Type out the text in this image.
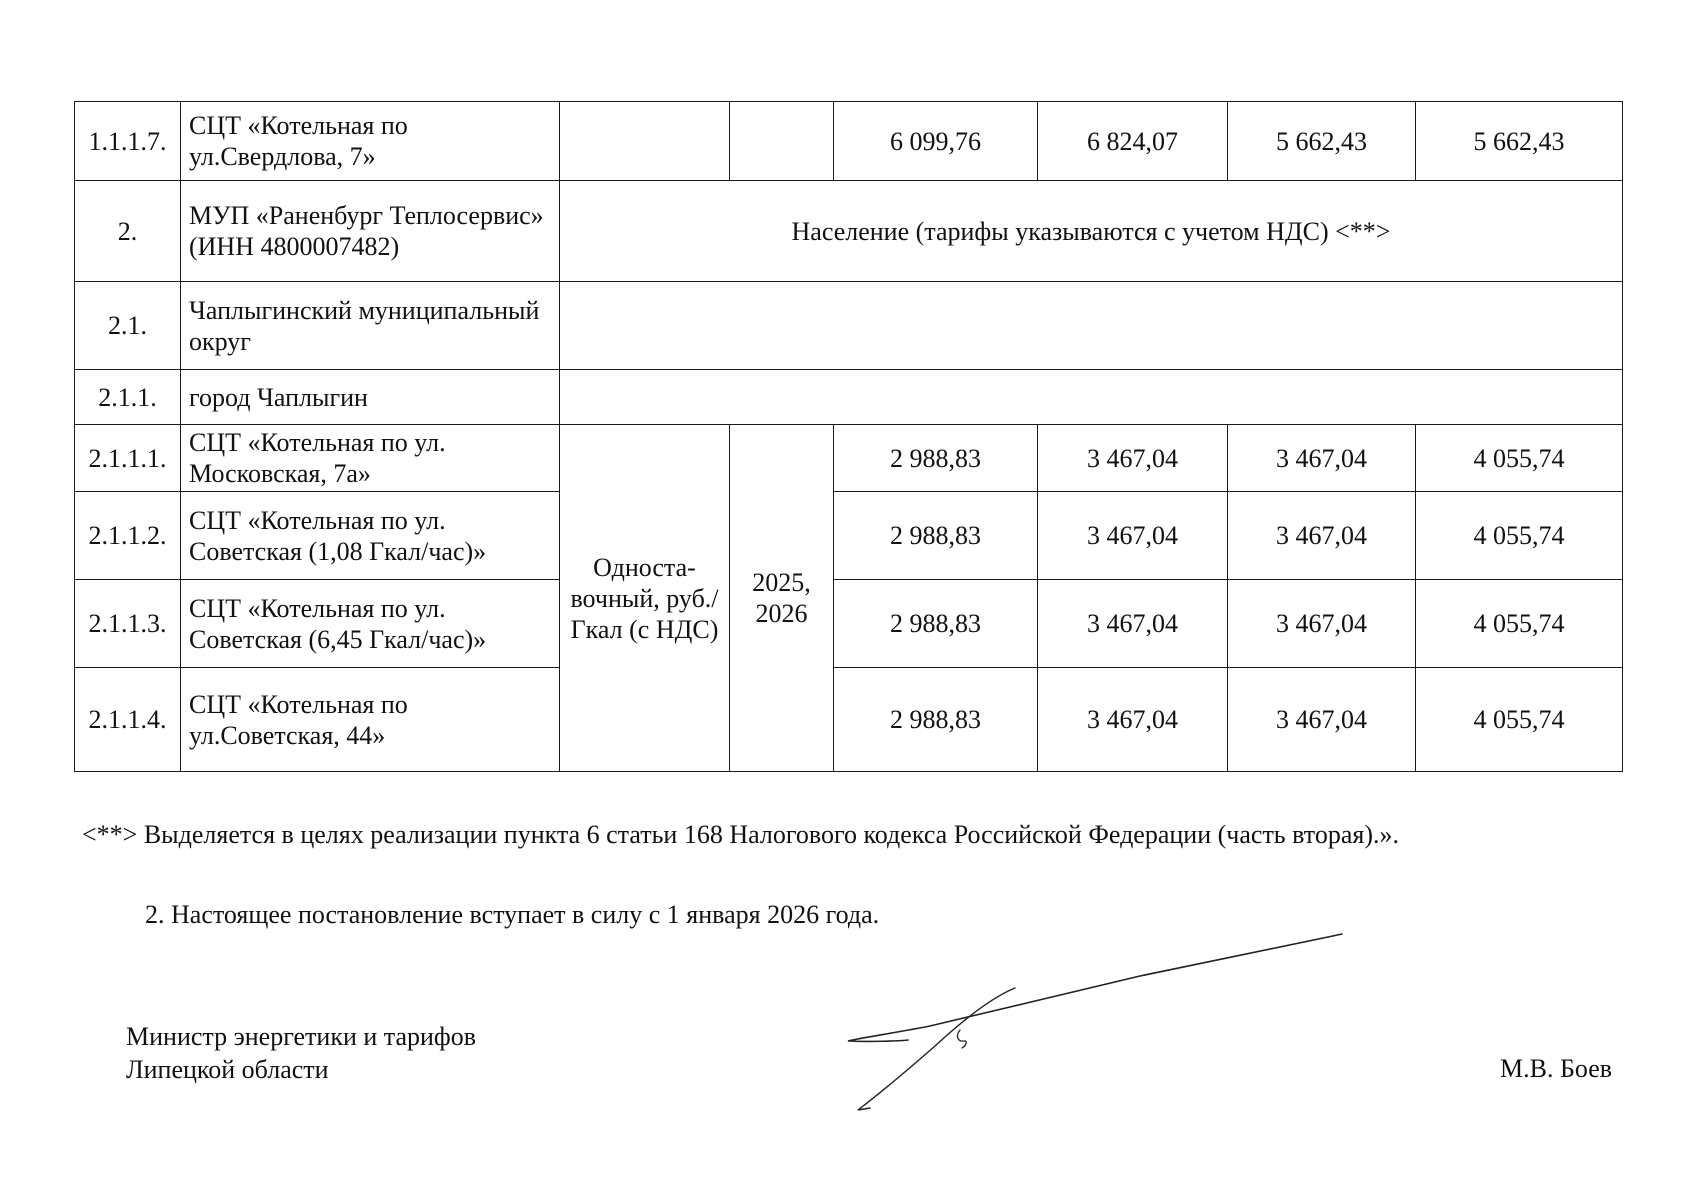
1.1.1.7.	СЦТ «Котельная по ул.Свердлова, 7»			6 099,76	6 824,07	5 662,43	5 662,43
2.	МУП «Раненбург Теплосервис» (ИНН 4800007482)	Население (тарифы указываются с учетом НДС) <**>					
2.1.	Чаплыгинский муниципальный округ						
2.1.1.	город Чаплыгин						
2.1.1.1.	СЦТ «Котельная по ул. Московская, 7а»	Односта-вочный, руб./Гкал (с НДС)	2025, 2026	2 988,83	3 467,04	3 467,04	4 055,74
2.1.1.2.	СЦТ «Котельная по ул. Советская (1,08 Гкал/час)»			2 988,83	3 467,04	3 467,04	4 055,74
2.1.1.3.	СЦТ «Котельная по ул. Советская (6,45 Гкал/час)»			2 988,83	3 467,04	3 467,04	4 055,74
2.1.1.4.	СЦТ «Котельная по ул.Советская, 44»			2 988,83	3 467,04	3 467,04	4 055,74
<**> Выделяется в целях реализации пункта 6 статьи 168 Налогового кодекса Российской Федерации (часть вторая).».
2. Настоящее постановление вступает в силу с 1 января 2026 года.
Министр энергетики и тарифов
Липецкой области	М.В. Боев
